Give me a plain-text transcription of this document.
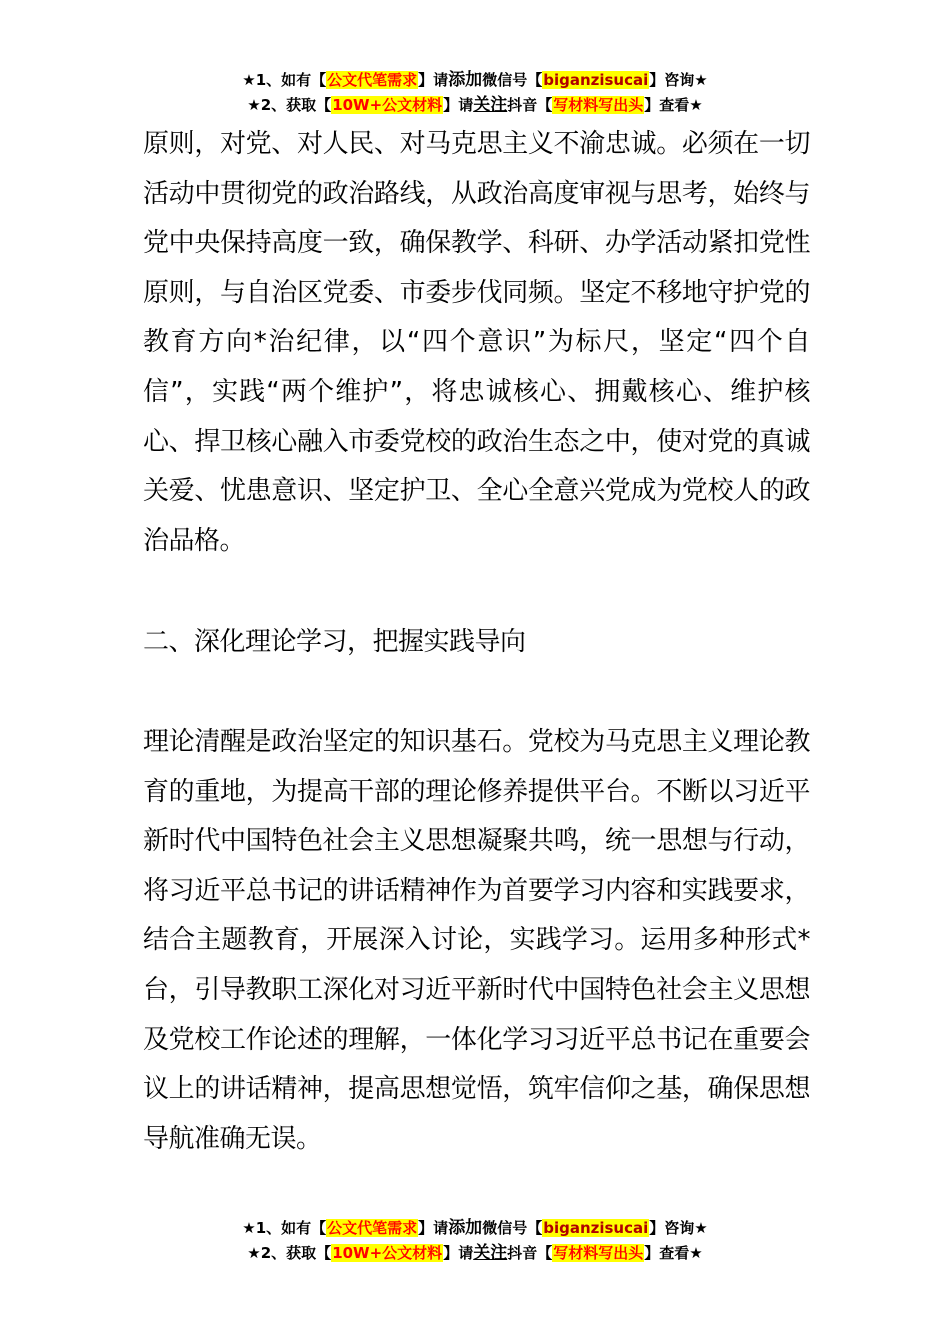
★1、如有【公文代笔需求】请添加微信号【biganzisucai】咨询★
★2、获取【10W+公文材料】请关注抖音【写材料写出头】查看★

原则，对党、对人民、对马克思主义不渝忠诚。必须在一切活动中贯彻党的政治路线，从政治高度审视与思考，始终与党中央保持高度一致，确保教学、科研、办学活动紧扣党性原则，与自治区党委、市委步伐同频。坚定不移地守护党的教育方向*治纪律，以“四个意识”为标尺，坚定“四个自信”，实践“两个维护”，将忠诚核心、拥戴核心、维护核心、捍卫核心融入市委党校的政治生态之中，使对党的真诚关爱、忧患意识、坚定护卫、全心全意兴党成为党校人的政治品格。

二、深化理论学习，把握实践导向

理论清醒是政治坚定的知识基石。党校为马克思主义理论教育的重地，为提高干部的理论修养提供平台。不断以习近平新时代中国特色社会主义思想凝聚共鸣，统一思想与行动，将习近平总书记的讲话精神作为首要学习内容和实践要求，结合主题教育，开展深入讨论，实践学习。运用多种形式*台，引导教职工深化对习近平新时代中国特色社会主义思想及党校工作论述的理解，一体化学习习近平总书记在重要会议上的讲话精神，提高思想觉悟，筑牢信仰之基，确保思想导航准确无误。

★1、如有【公文代笔需求】请添加微信号【biganzisucai】咨询★
★2、获取【10W+公文材料】请关注抖音【写材料写出头】查看★
